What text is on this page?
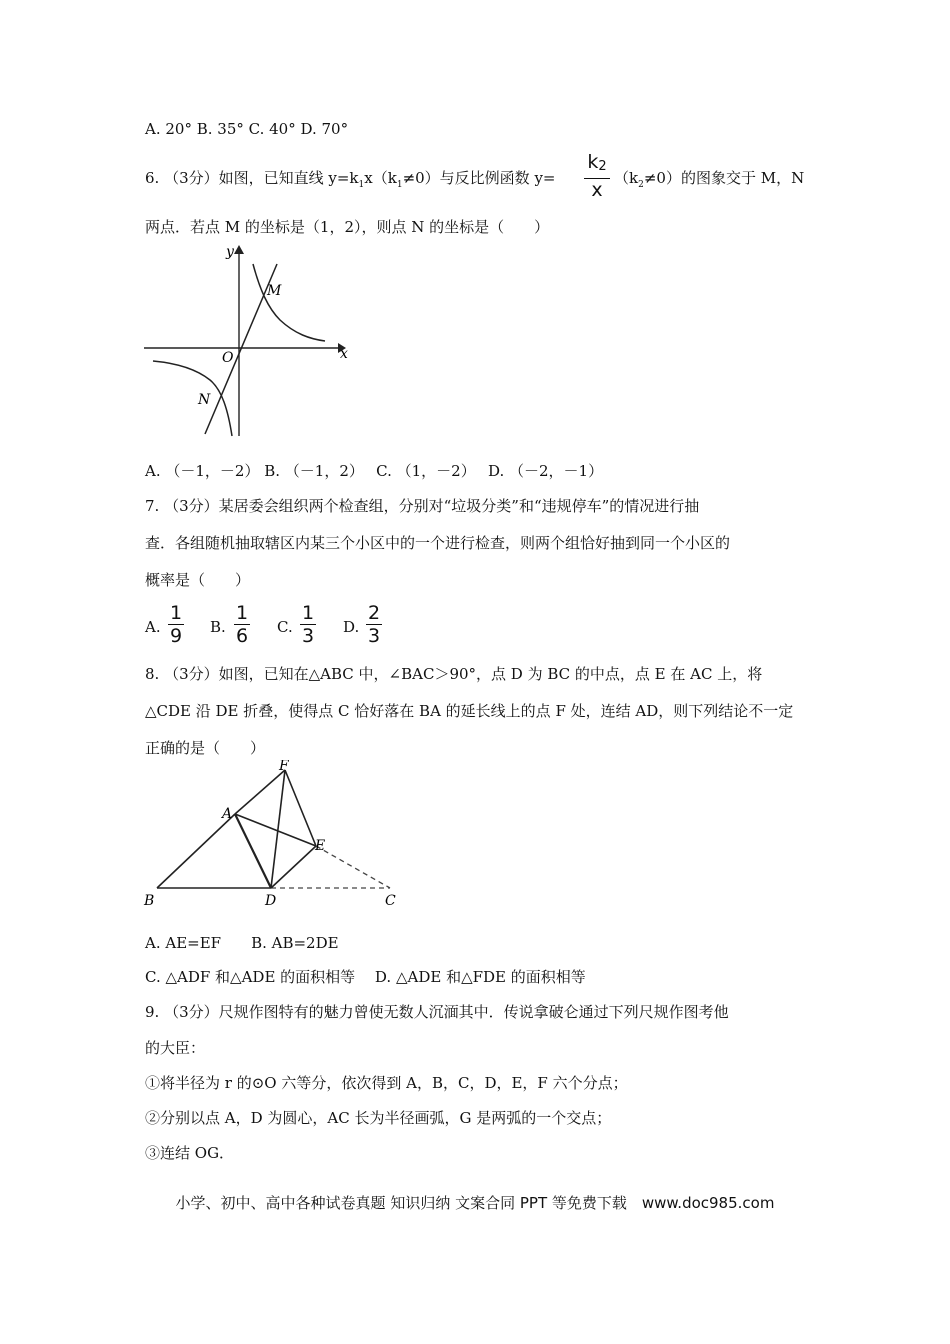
A. 20° B. 35° C. 40° D. 70°
6. （3分）如图，已知直线 $y=k_1x(k_1\ne 0)$与反比例函数 y=
k2
x
$(k_2\ne 0)$的图象交于 M，N
两点．若点 M 的坐标是（1，2），则点 N 的坐标是（　　）
y
x
O
M
N
A. （－1，－2） B. （－1，2）　 C. （1，－2）　 D. （－2，－1）
7. （3分）某居委会组织两个检查组，分别对“垃圾分类”和“违规停车”的情况进行抽
查．各组随机抽取辖区内某三个小区中的一个进行检查，则两个组恰好抽到同一个小区的
概率是（　　）
A.
1
9 B.
1
6 C.
1
3 D.
2
3
8. （3分）如图，已知在△ABC 中，∠BAC＞90°，点 D 为 BC 的中点，点 E 在 AC 上，将
△CDE 沿 DE 折叠，使得点 C 恰好落在 BA 的延长线上的点 F 处，连结 AD，则下列结论不一定
正确的是（　　）
F
A
E
B	D	C
A. AE=EF　　B. AB=2DE
C. △ADF 和△ADE 的面积相等　 D. △ADE 和△FDE 的面积相等
9. （3分）尺规作图特有的魅力曾使无数人沉湎其中．传说拿破仑通过下列尺规作图考他
的大臣：
①将半径为 r 的⊙O 六等分，依次得到 A，B，C，D，E，F 六个分点；
②分别以点 A，D 为圆心，AC 长为半径画弧，G 是两弧的一个交点；
③连结 OG．
小学、初中、高中各种试卷真题 知识归纳 文案合同 PPT 等免费下载　www.doc985.com
